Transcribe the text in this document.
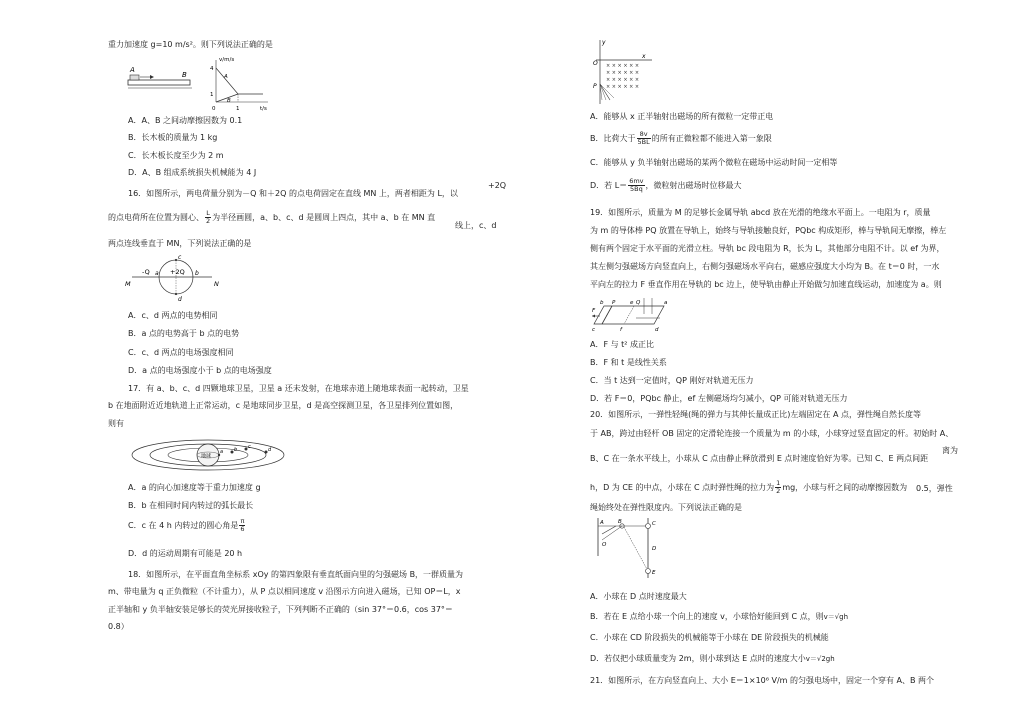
重力加速度 g=10 m/s²。则下列说法正确的是
A
B
v/m/s
t/s
4
1
1
0
A
B
A．A、B 之间动摩擦因数为 0.1
B．长木板的质量为 1 kg
C．长木板长度至少为 2 m
D．A、B 组成系统损失机械能为 4 J
16．如图所示，两电荷量分别为－Q 和＋2Q 的点电荷固定在直线 MN 上，两者相距为 L，以
+2Q
的点电荷所在位置为圆心、 $\frac{L}{2}$ 为半径画圆，a、b、c、d 是圆周上四点，其中 a、b 在 MN 直
线上，c、d
两点连线垂直于 MN，下列说法正确的是
M	N
-Q	+2Q
a	b
c
d
A．c、d 两点的电势相同
B．a 点的电势高于 b 点的电势
C．c、d 两点的电场强度相同
D．a 点的电场强度小于 b 点的电场强度
17．有 a、b、c、d 四颗地球卫星，卫星 a 还未发射，在地球赤道上随地球表面一起转动，卫星
b 在地面附近近地轨道上正常运动，c 是地球同步卫星，d 是高空探测卫星，各卫星排列位置如图，
则有
地球
a b c	d
A．a 的向心加速度等于重力加速度 g
B．b 在相同时间内转过的弧长最长
C．c 在 4 h 内转过的圆心角是 $\frac{\pi}{6}$
D．d 的运动周期有可能是 20 h
18．如图所示，在平面直角坐标系 xOy 的第四象限有垂直纸面向里的匀强磁场 B，一群质量为
m、带电量为 q 正负微粒（不计重力），从 P 点以相同速度 v 沿图示方向进入磁场，已知 OP＝L，x
正半轴和 y 负半轴安装足够长的荧光屏接收粒子，下列判断不正确的（sin 37°＝0.6，cos 37°＝
0.8）
y
x
O
P
× × × × × ×
× × × × × ×
× × × × × ×
× × × × × ×
A．能够从 x 正半轴射出磁场的所有微粒一定带正电
B．比荷大于 $\frac{8v}{5BL}$ 的所有正微粒都不能进入第一象限
C．能够从 y 负半轴射出磁场的某两个微粒在磁场中运动时间一定相等
D．若 $L= \frac{6mv}{5Bq}$ ，微粒射出磁场时位移最大
19．如图所示，质量为 M 的足够长金属导轨 abcd 放在光滑的绝缘水平面上。一电阻为 r，质量
为 m 的导体棒 PQ 放置在导轨上，始终与导轨接触良好，PQbc 构成矩形，棒与导轨间无摩擦，棒左
侧有两个固定于水平面的光滑立柱。导轨 bc 段电阻为 R，长为 L，其他部分电阻不计。以 ef 为界，
其左侧匀强磁场方向竖直向上，右侧匀强磁场水平向右，磁感应强度大小均为 B。在 t＝0 时，一水
平向左的拉力 F 垂直作用在导轨的 bc 边上，使导轨由静止开始做匀加速直线运动，加速度为 a。则
P	Q
e
f
F
b
c
a
d
A．F 与 t² 成正比
B．F 和 t 是线性关系
C．当 t 达到一定值时，QP 刚好对轨道无压力
D．若 F＝0，PQbc 静止，ef 左侧磁场均匀减小，QP 可能对轨道无压力
20．如图所示，一弹性轻绳(绳的弹力与其伸长量成正比)左端固定在 A 点，弹性绳自然长度等
于 AB，跨过由轻杆 OB 固定的定滑轮连接一个质量为 m 的小球，小球穿过竖直固定的杆。初始时 A、
B、C 在一条水平线上，小球从 C 点由静止释放滑到 E 点时速度恰好为零。已知 C、E 两点间距
离为
h，D 为 CE 的中点，小球在 C 点时弹性绳的拉力为 $\frac{1}{2}$ mg，小球与杆之间的动摩擦因数为 0.5，弹性
绳始终处在弹性限度内。下列说法正确的是
A	B	C
D
E
O
A．小球在 D 点时速度最大
B．若在 E 点给小球一个向上的速度 v，小球恰好能回到 C 点，则v＝√gh
C．小球在 CD 阶段损失的机械能等于小球在 DE 阶段损失的机械能
D．若仅把小球质量变为 2m，则小球到达 E 点时的速度大小v＝√2gh
21．如图所示，在方向竖直向上、大小 E＝1×10⁶ V/m 的匀强电场中，固定一个穿有 A、B 两个
